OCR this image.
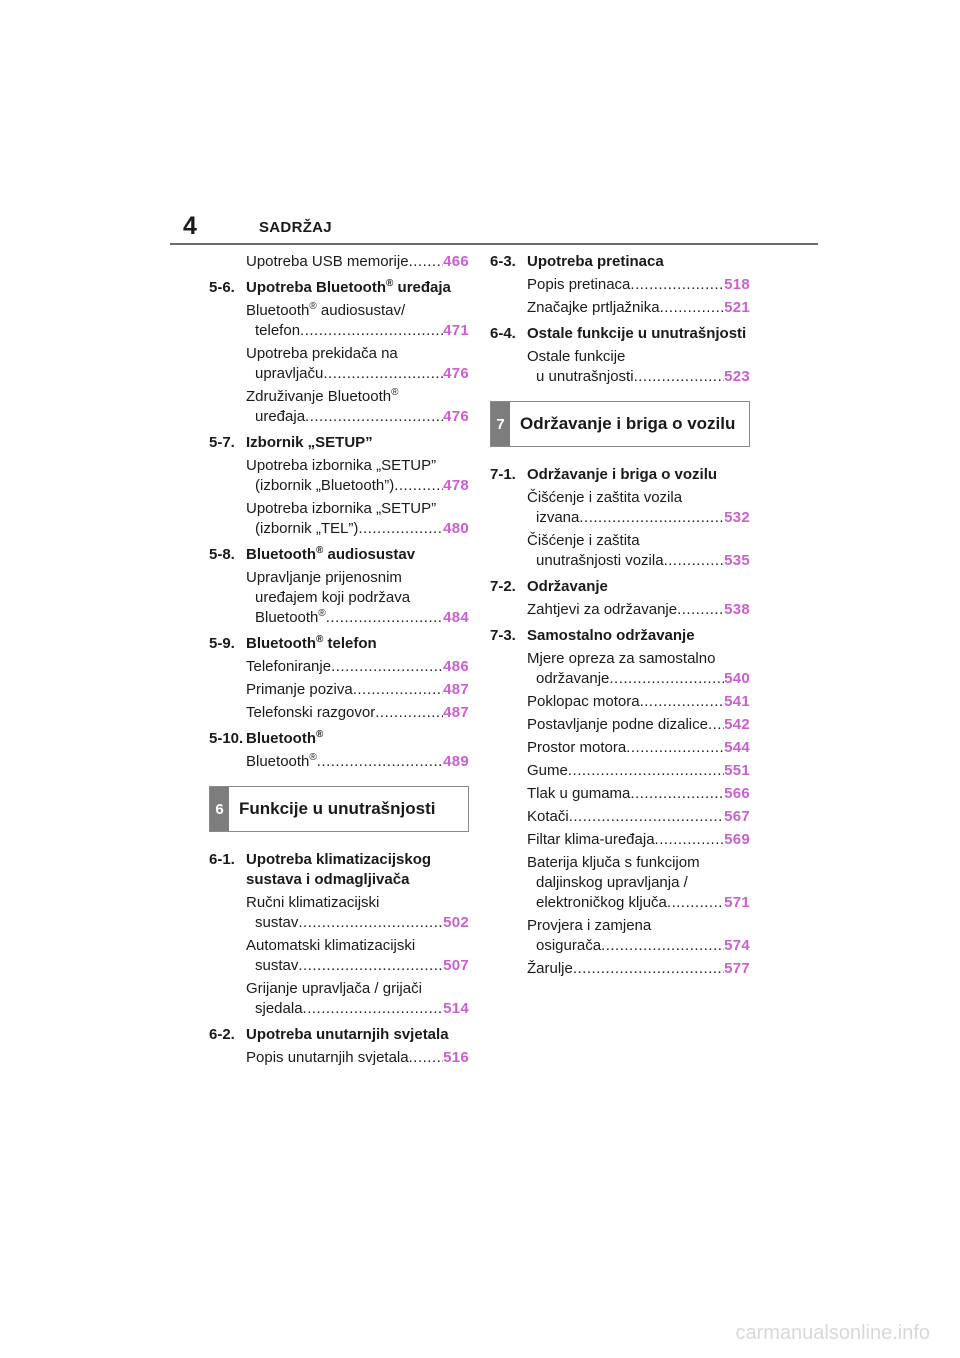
4	SADRŽAJ
Upotreba USB memorije ..... 466
5-6. Upotreba Bluetooth® uređaja
Bluetooth® audiosustav/
telefon .....	471
Upotreba prekidača na
upravljaču .....	476
Združivanje Bluetooth®
uređaja .....	476
5-7. Izbornik „SETUP”
Upotreba izbornika „SETUP”
(izbornik „Bluetooth”) .....	478
Upotreba izbornika „SETUP”
(izbornik „TEL”) .....	480
5-8. Bluetooth® audiosustav
Upravljanje prijenosnim
uređajem koji podržava
Bluetooth® .....	484
5-9. Bluetooth® telefon
Telefoniranje .....	486
Primanje poziva .....	487
Telefonski razgovor .....	487
5-10. Bluetooth®
Bluetooth® .....	489
6 Funkcije u unutrašnjosti
6-1. Upotreba klimatizacijskog
sustava i odmagljivača
Ručni klimatizacijski
sustav .....	502
Automatski klimatizacijski
sustav .....	507
Grijanje upravljača / grijači
sjedala .....	514
6-2. Upotreba unutarnjih svjetala
Popis unutarnjih svjetala ..... 516
6-3. Upotreba pretinaca
Popis pretinaca .....	518
Značajke prtljažnika .....	521
6-4. Ostale funkcije u unutrašnjosti
Ostale funkcije
u unutrašnjosti .....	523
7 Održavanje i briga o vozilu
7-1. Održavanje i briga o vozilu
Čišćenje i zaštita vozila
izvana .....	532
Čišćenje i zaštita
unutrašnjosti vozila .....	535
7-2. Održavanje
Zahtjevi za održavanje .....	538
7-3. Samostalno održavanje
Mjere opreza za samostalno
održavanje .....	540
Poklopac motora .....	541
Postavljanje podne dizalice ..... 542
Prostor motora .....	544
Gume .....	551
Tlak u gumama .....	566
Kotači .....	567
Filtar klima-uređaja .....	569
Baterija ključa s funkcijom
daljinskog upravljanja /
elektroničkog ključa .....	571
Provjera i zamjena
osigurača .....	574
Žarulje .....	577
carmanualsonline.info
